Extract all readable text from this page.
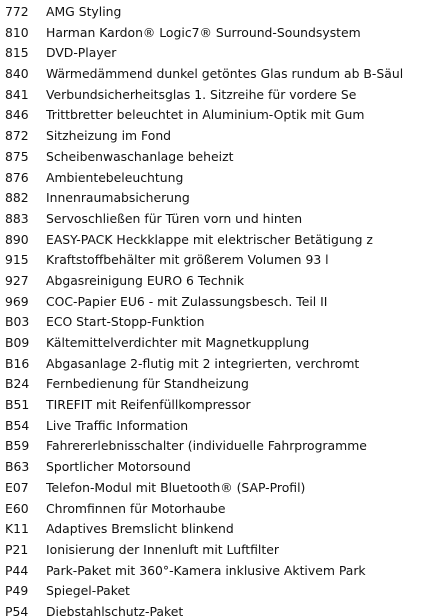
772 AMG Styling
810 Harman Kardon® Logic7® Surround-Soundsystem
815 DVD-Player
840 Wärmedämmend dunkel getöntes Glas rundum ab B-Säul
841 Verbundsicherheitsglas 1. Sitzreihe für vordere Se
846 Trittbretter beleuchtet in Aluminium-Optik mit Gum
872 Sitzheizung im Fond
875 Scheibenwaschanlage beheizt
876 Ambientebeleuchtung
882 Innenraumabsicherung
883 Servoschließen für Türen vorn und hinten
890 EASY-PACK Heckklappe mit elektrischer Betätigung z
915 Kraftstoffbehälter mit größerem Volumen 93 l
927 Abgasreinigung EURO 6 Technik
969 COC-Papier EU6 - mit Zulassungsbesch. Teil II
B03 ECO Start-Stopp-Funktion
B09 Kältemittelverdichter mit Magnetkupplung
B16 Abgasanlage 2-flutig mit 2 integrierten, verchromt
B24 Fernbedienung für Standheizung
B51 TIREFIT mit Reifenfüllkompressor
B54 Live Traffic Information
B59 Fahrererlebnisschalter (individuelle Fahrprogramme
B63 Sportlicher Motorsound
E07 Telefon-Modul mit Bluetooth® (SAP-Profil)
E60 Chromfinnen für Motorhaube
K11 Adaptives Bremslicht blinkend
P21 Ionisierung der Innenluft mit Luftfilter
P44 Park-Paket mit 360°-Kamera inklusive Aktivem Park
P49 Spiegel-Paket
P54 Diebstahlschutz-Paket
